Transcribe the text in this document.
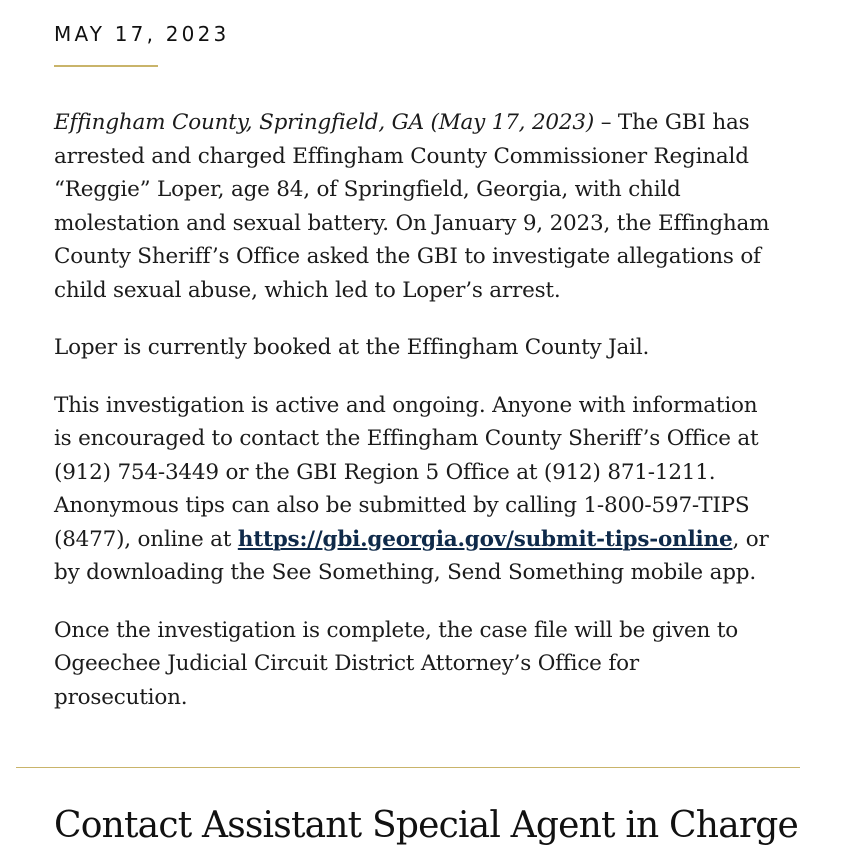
MAY 17, 2023

Effingham County, Springfield, GA (May 17, 2023) – The GBI has arrested and charged Effingham County Commissioner Reginald “Reggie” Loper, age 84, of Springfield, Georgia, with child molestation and sexual battery. On January 9, 2023, the Effingham County Sheriff’s Office asked the GBI to investigate allegations of child sexual abuse, which led to Loper’s arrest.

Loper is currently booked at the Effingham County Jail.

This investigation is active and ongoing. Anyone with information is encouraged to contact the Effingham County Sheriff’s Office at (912) 754-3449 or the GBI Region 5 Office at (912) 871-1211. Anonymous tips can also be submitted by calling 1-800-597-TIPS (8477), online at https://gbi.georgia.gov/submit-tips-online, or by downloading the See Something, Send Something mobile app.

Once the investigation is complete, the case file will be given to Ogeechee Judicial Circuit District Attorney’s Office for prosecution.

Contact Assistant Special Agent in Charge
